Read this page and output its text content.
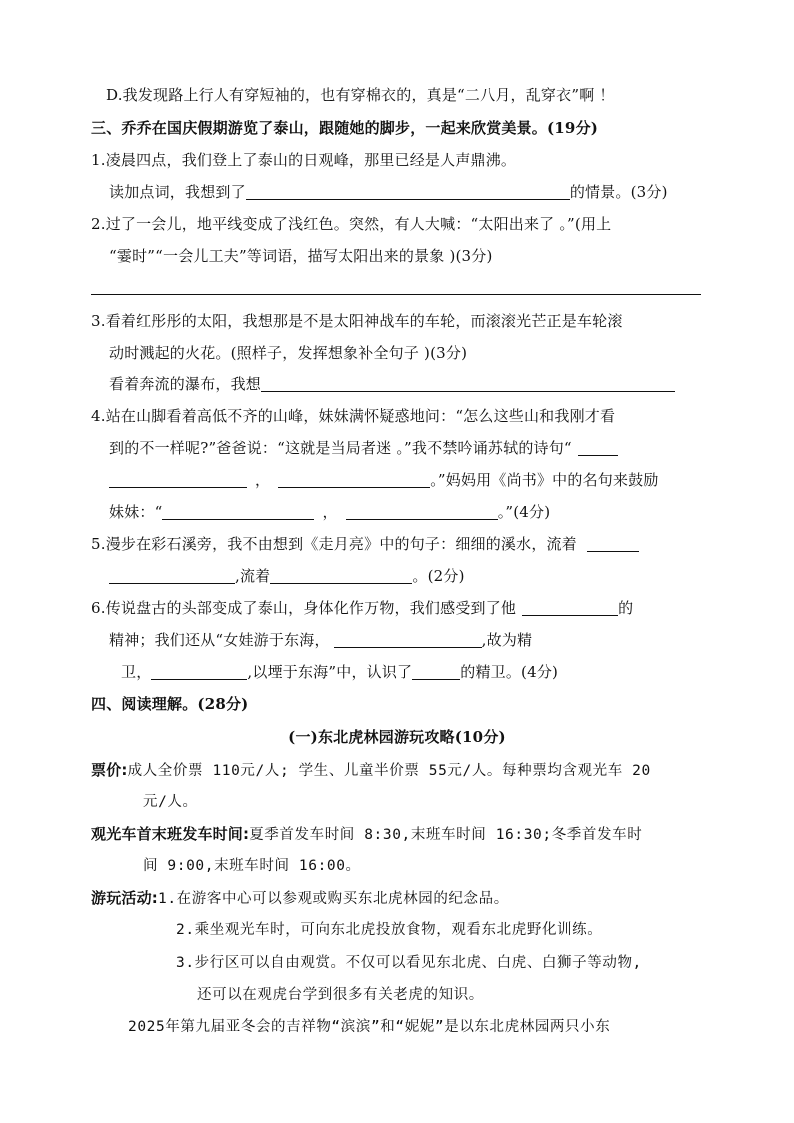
D.我发现路上行人有穿短袖的，也有穿棉衣的，真是“二八月，乱穿衣”啊 ！
三、乔乔在国庆假期游览了泰山，跟随她的脚步，一起来欣赏美景。(19分)
1.凌晨四点，我们登上了泰山的日观峰，那里已经是人声鼎沸。
读加点词，我想到了	的情景。(3分)
2.过了一会儿，地平线变成了浅红色。突然，有人大喊：“太阳出来了 。”(用上
“霎时”“一会儿工夫”等词语，描写太阳出来的景象 )(3分)
3.看着红彤彤的太阳，我想那是不是太阳神战车的车轮，而滚滚光芒正是车轮滚
动时溅起的火花。(照样子，发挥想象补全句子 )(3分)
看着奔流的瀑布，我想
4.站在山脚看着高低不齐的山峰，妹妹满怀疑惑地问：“怎么这些山和我刚才看
到的不一样呢?”爸爸说：“这就是当局者迷 。”我不禁吟诵苏轼的诗句“
，	。”妈妈用《尚书》中的名句来鼓励
妹妹：“	，	。”(4分)
5.漫步在彩石溪旁，我不由想到《走月亮》中的句子：细细的溪水，流着
,流着	。(2分)
6.传说盘古的头部变成了泰山，身体化作万物，我们感受到了他	的
精神；我们还从“女娃游于东海，	,故为精
卫，	,以堙于东海”中，认识了	的精卫。(4分)
四、阅读理解。(28分)
(一)东北虎林园游玩攻略(10分)
票价:成人全价票 110元/人; 学生、儿童半价票 55元/人。每种票均含观光车 20
元/人。
观光车首末班发车时间:夏季首发车时间 8:30,末班车时间 16:30;冬季首发车时
间 9:00,末班车时间 16:00。
游玩活动:1.在游客中心可以参观或购买东北虎林园的纪念品。
2.乘坐观光车时，可向东北虎投放食物，观看东北虎野化训练。
3.步行区可以自由观赏。不仅可以看见东北虎、白虎、白狮子等动物,
还可以在观虎台学到很多有关老虎的知识。
2025年第九届亚冬会的吉祥物“滨滨”和“妮妮”是以东北虎林园两只小东
